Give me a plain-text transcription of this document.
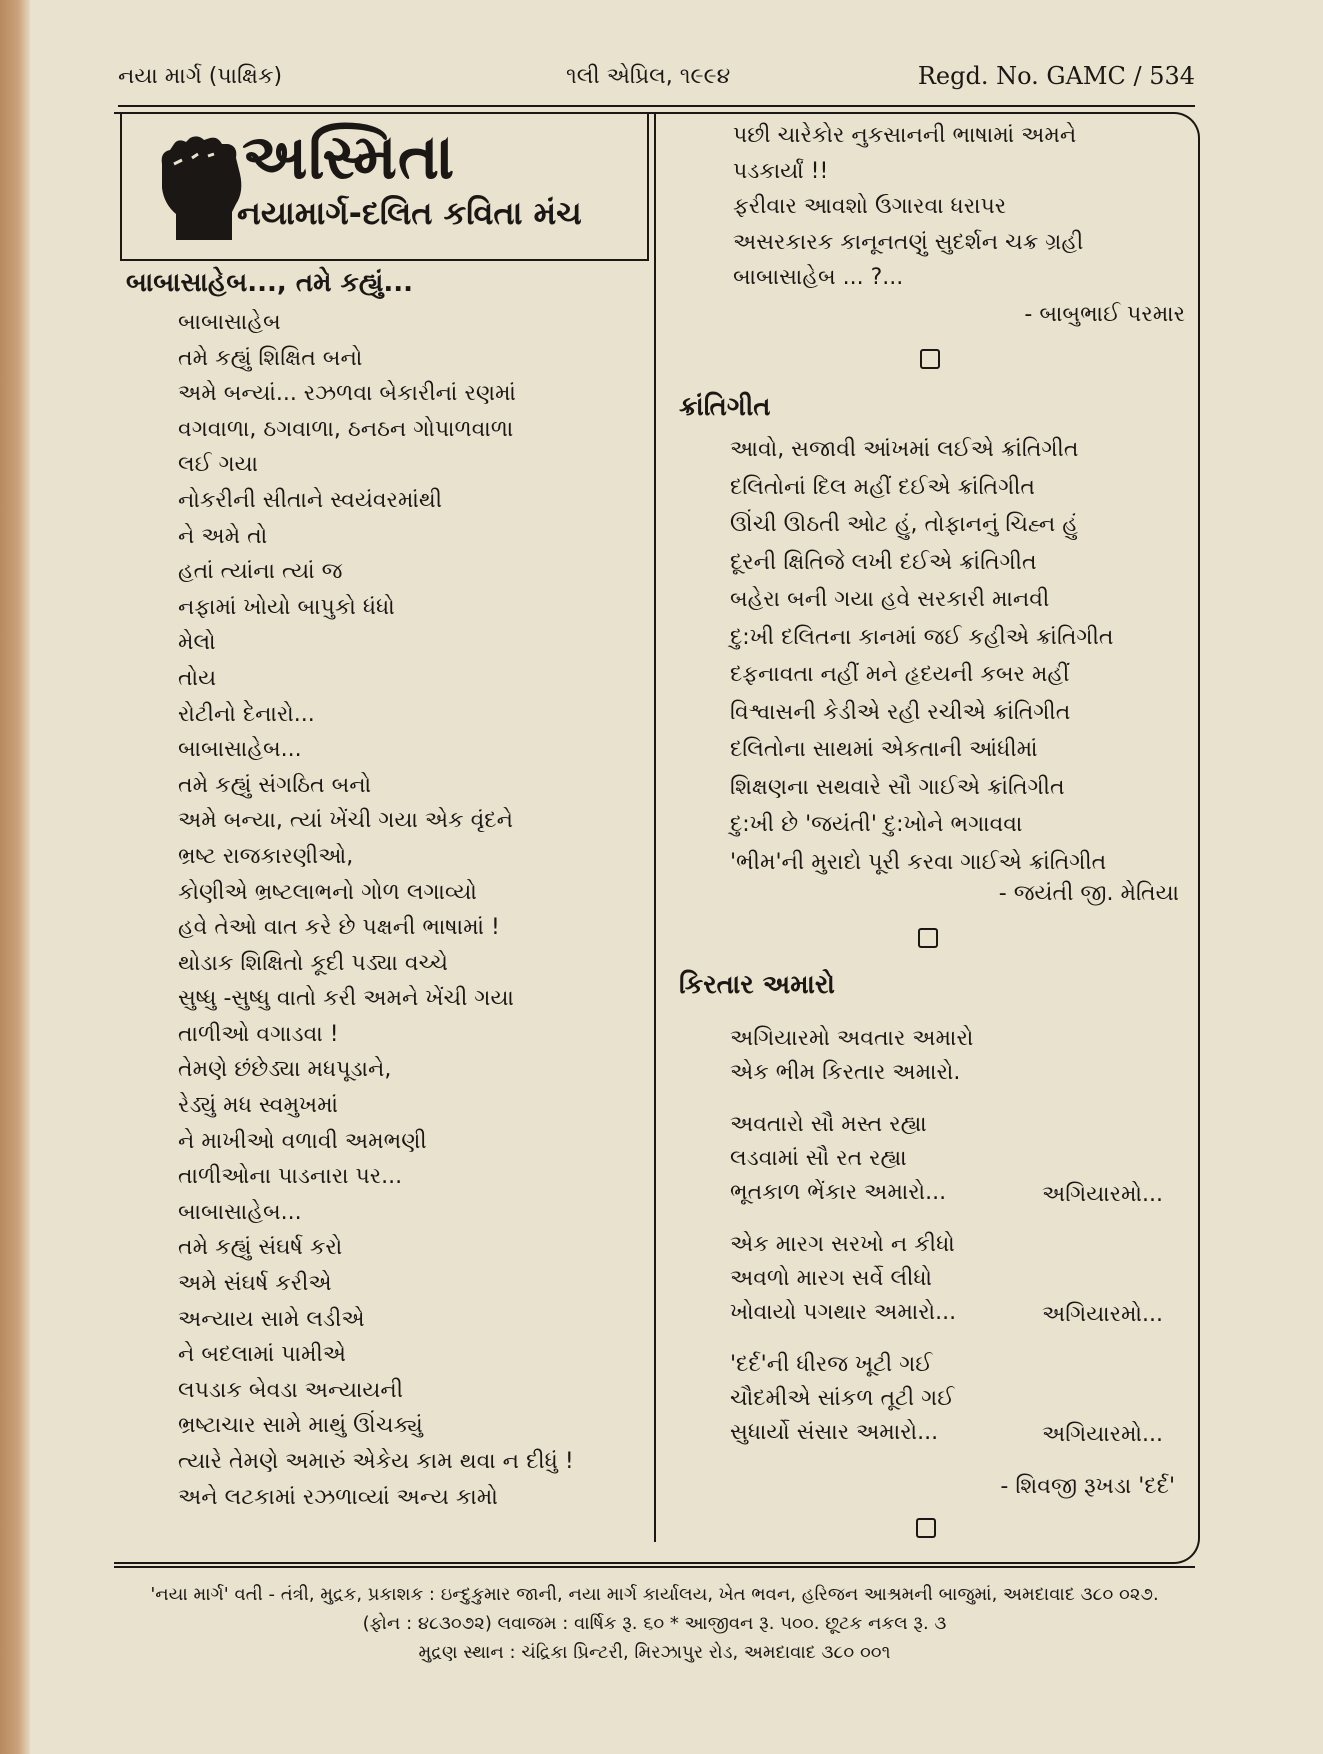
નયા માર્ગ (પાક્ષિક)	૧લી એપ્રિલ, ૧૯૯૪	Regd. No. GAMC / 534
અસ્મિતા
નયામાર્ગ-દલિત કવિતા મંચ
બાબાસાહેબ..., તમે કહ્યું...
બાબાસાહેબ
તમે કહ્યું શિક્ષિત બનો
અમે બન્યાં... રઝળવા બેકારીનાં રણમાં
વગવાળા, ઠગવાળા, ઠનઠન ગોપાળવાળા
લઈ ગયા
નોકરીની સીતાને સ્વયંવરમાંથી
ને અમે તો
હતાં ત્યાંના ત્યાં જ
નફામાં ખોયો બાપુકો ધંધો
મેલો
તોય
રોટીનો દેનારો...
બાબાસાહેબ...
તમે કહ્યું સંગઠિત બનો
અમે બન્યા, ત્યાં ખેંચી ગયા એક વૃંદને
ભ્રષ્ટ રાજકારણીઓ,
કોણીએ ભ્રષ્ટલાભનો ગોળ લગાવ્યો
હવે તેઓ વાત કરે છે પક્ષની ભાષામાં !
થોડાક શિક્ષિતો કૂદી પડ્યા વચ્ચે
સુષ્ધુ -સુષ્ધુ વાતો કરી અમને ખેંચી ગયા
તાળીઓ વગાડવા !
તેમણે છંછેડ્યા મધપૂડાને,
રેડ્યું મધ સ્વમુખમાં
ને માખીઓ વળાવી અમભણી
તાળીઓના પાડનારા પર...
બાબાસાહેબ...
તમે કહ્યું સંઘર્ષ કરો
અમે સંઘર્ષ કરીએ
અન્યાય સામે લડીએ
ને બદલામાં પામીએ
લપડાક બેવડા અન્યાયની
ભ્રષ્ટાચાર સામે માથું ઊંચક્યું
ત્યારે તેમણે અમારું એકેય કામ થવા ન દીધું !
અને લટકામાં રઝળાવ્યાં અન્ય કામો
પછી ચારેકોર નુકસાનની ભાષામાં અમને
પડકાર્યાં !!
ફરીવાર આવશો ઉગારવા ધરાપર
અસરકારક કાનૂનતણું સુદર્શન ચક્ર ગ્રહી
બાબાસાહેબ ... ?...
- બાબુભાઈ પરમાર
ક્રાંતિગીત
આવો, સજાવી આંખમાં લઈએ ક્રાંતિગીત
દલિતોનાં દિલ મહીં દઈએ ક્રાંતિગીત
ઊંચી ઊઠતી ઓટ હું, તોફાનનું ચિહ્ન હું
દૂરની ક્ષિતિજે લખી દઈએ ક્રાંતિગીત
બહેરા બની ગયા હવે સરકારી માનવી
દુ:ખી દલિતના કાનમાં જઈ કહીએ ક્રાંતિગીત
દફનાવતા નહીં મને હૃદયની કબર મહીં
વિશ્વાસની કેડીએ રહી રચીએ ક્રાંતિગીત
દલિતોના સાથમાં એકતાની આંધીમાં
શિક્ષણના સથવારે સૌ ગાઈએ ક્રાંતિગીત
દુ:ખી છે 'જયંતી' દુ:ખોને ભગાવવા
'ભીમ'ની મુરાદો પૂરી કરવા ગાઈએ ક્રાંતિગીત
- જયંતી જી. મેતિયા
કિરતાર અમારો
અગિયારમો અવતાર અમારો
એક ભીમ કિરતાર અમારો.
અવતારો સૌ મસ્ત રહ્યા
લડવામાં સૌ રત રહ્યા
ભૂતકાળ ભેંકાર અમારો...	અગિયારમો...
એક મારગ સરખો ન કીધો
અવળો મારગ સર્વે લીધો
ખોવાયો પગથાર અમારો...	અગિયારમો...
'દર્દ'ની ધીરજ ખૂટી ગઈ
ચૌદમીએ સાંકળ તૂટી ગઈ
સુધાર્યો સંસાર અમારો...	અગિયારમો...
- શિવજી રૂખડા 'દર્દ'
'નયા માર્ગ' વતી - તંત્રી, મુદ્રક, પ્રકાશક : ઇન્દુકુમાર જાની, નયા માર્ગ કાર્યાલય, ખેત ભવન, હરિજન આશ્રમની બાજુમાં, અમદાવાદ ૩૮૦ ૦૨૭.
(ફોન : ૪૮૩૦૭૨) લવાજમ : વાર્ષિક રૂ. ૬૦ * આજીવન રૂ. ૫૦૦. છૂટક નકલ રૂ. ૩
મુદ્રણ સ્થાન : ચંદ્રિકા પ્રિન્ટરી, મિરઝાપુર રોડ, અમદાવાદ ૩૮૦ ૦૦૧
